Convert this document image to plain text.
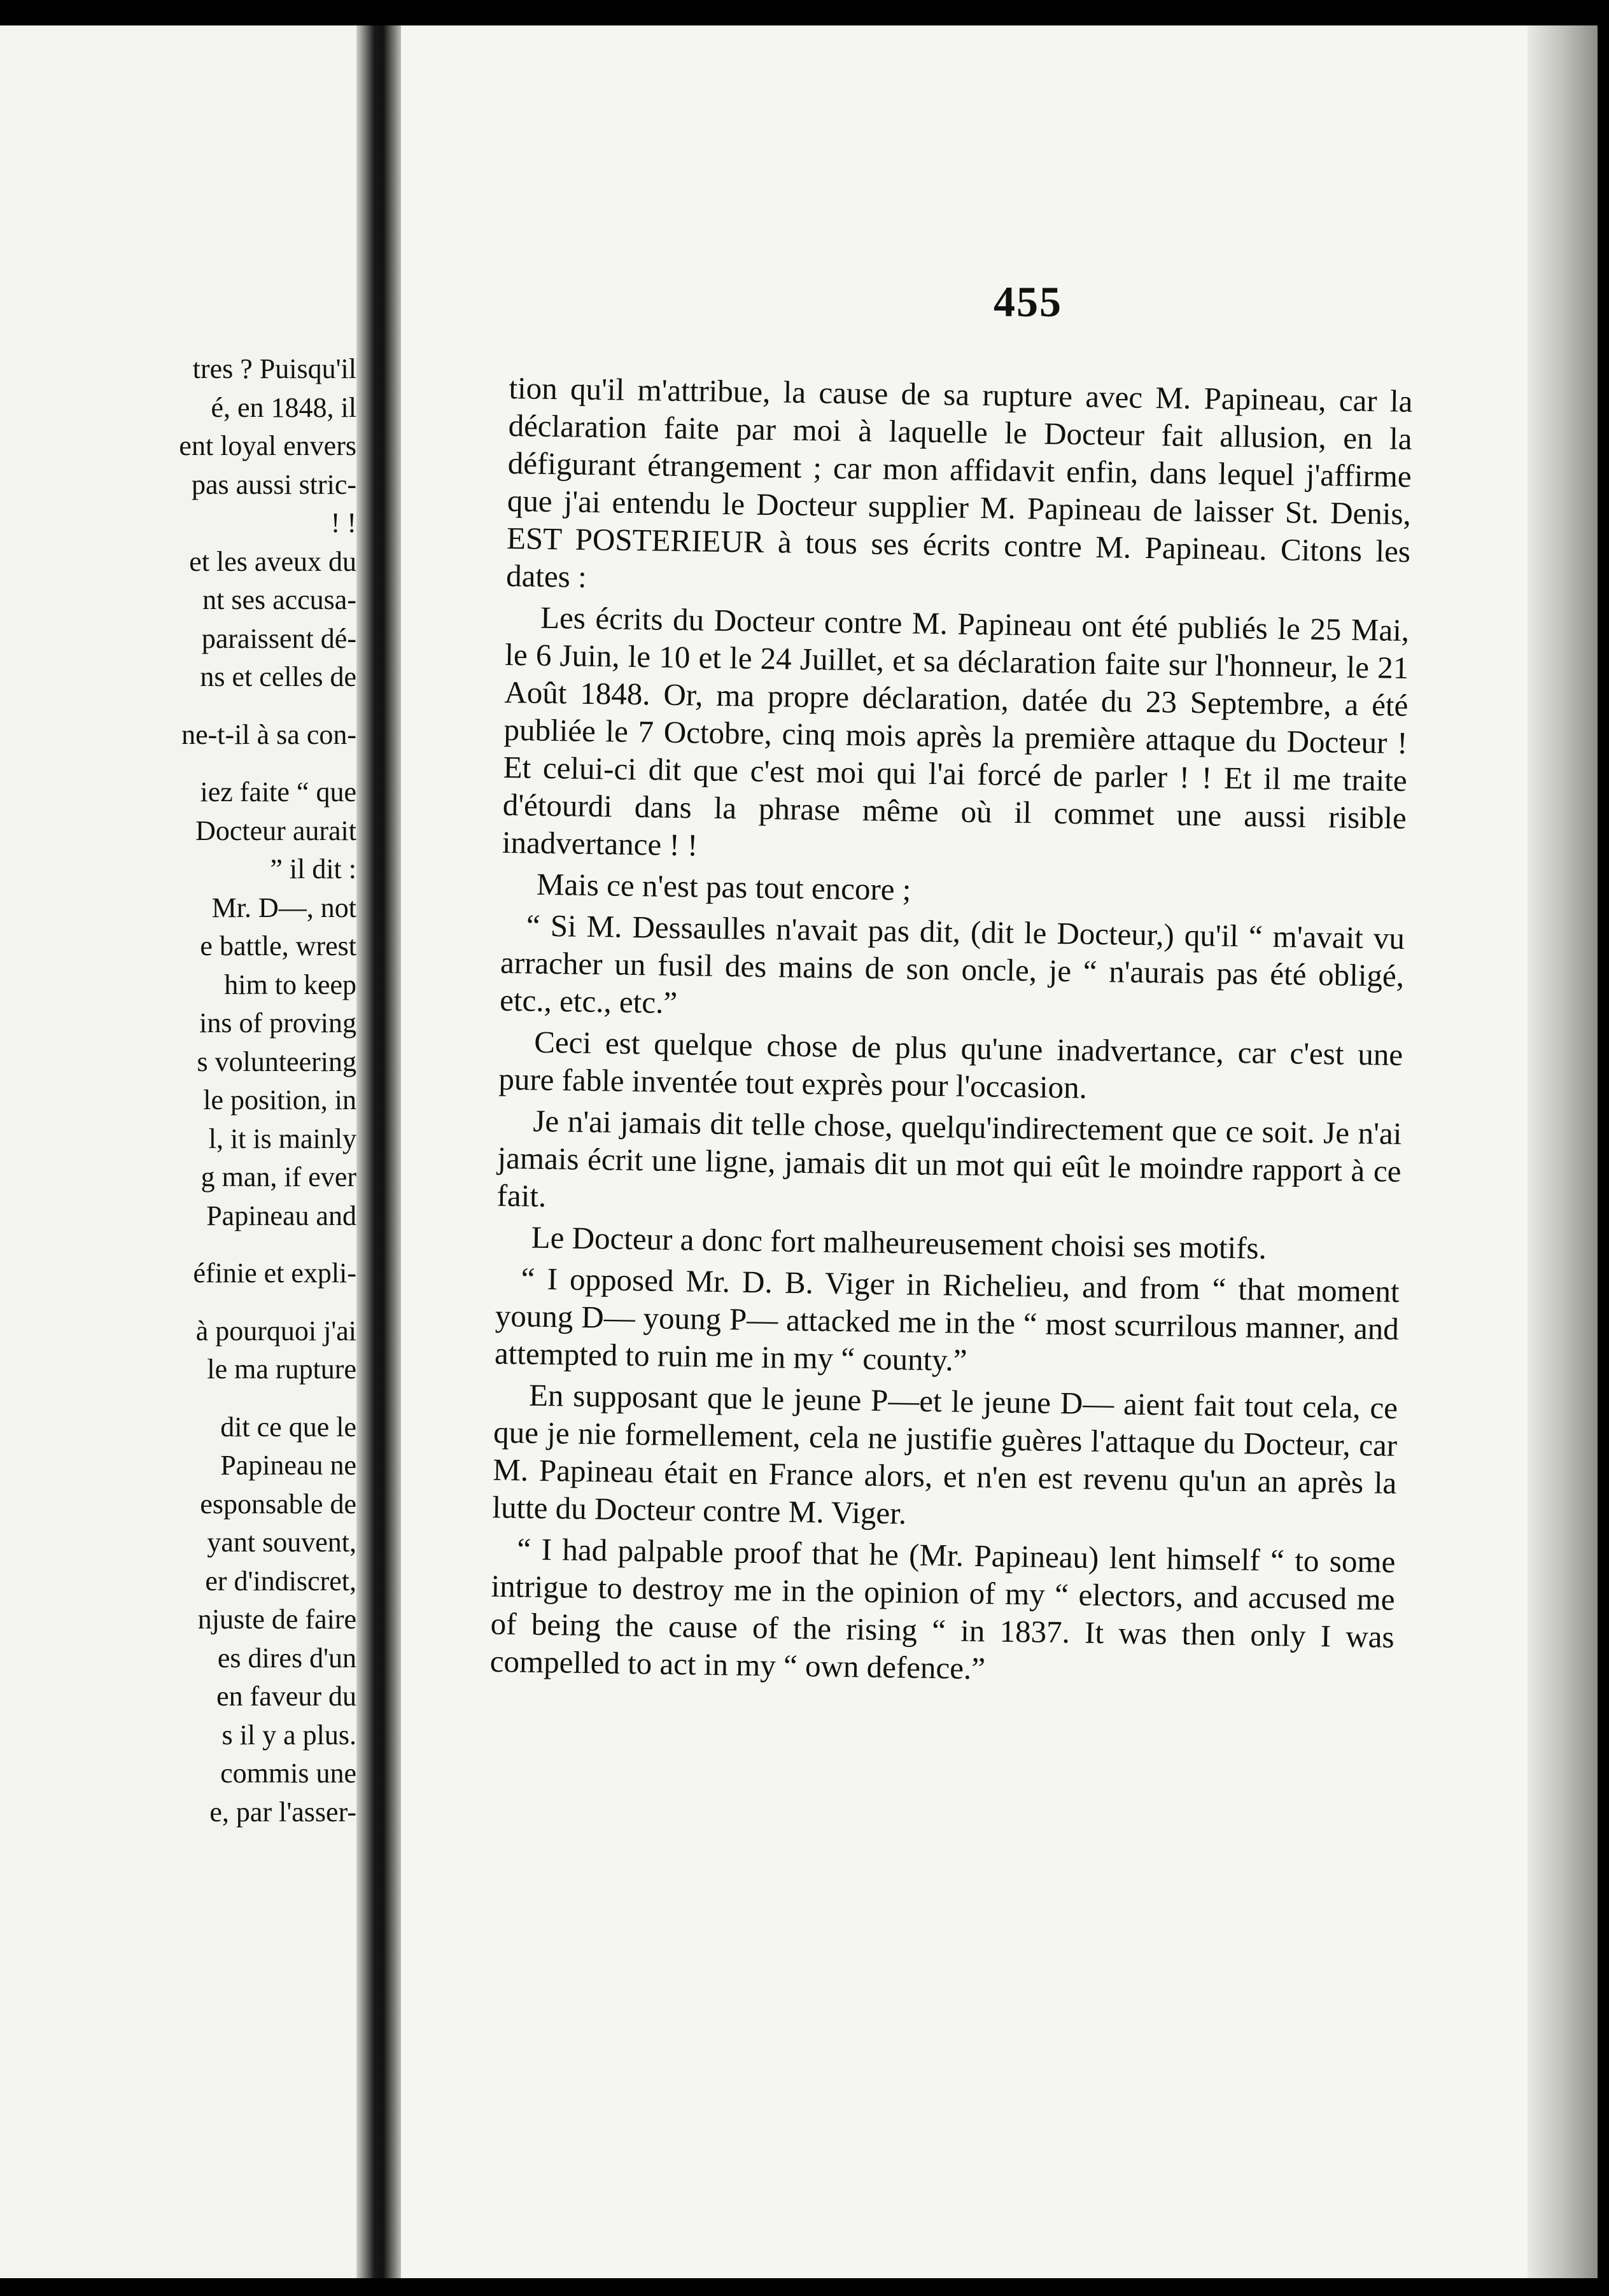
tres ? Puisqu'il
é, en 1848, il
ent loyal envers
pas aussi stric-
! !
et les aveux du
nt ses accusa-
paraissent dé-
ns et celles de
ne-t-il à sa con-
iez faite “ que
Docteur aurait
” il dit :
Mr. D—, not
e battle, wrest
him to keep
ins of proving
s volunteering
le position, in
l, it is mainly
g man, if ever
Papineau and
éfinie et expli-
à pourquoi j'ai
le ma rupture
dit ce que le
Papineau ne
esponsable de
yant souvent,
er d'indiscret,
njuste de faire
es dires d'un
en faveur du
s il y a plus.
commis une
e, par l'asser-
455

tion qu'il m'attribue, la cause de sa rupture avec M. Papineau, car la déclaration faite par moi à laquelle le Docteur fait allusion, en la défigurant étrangement ; car mon affidavit enfin, dans lequel j'affirme que j'ai entendu le Docteur supplier M. Papineau de laisser St. Denis, EST POSTERIEUR à tous ses écrits contre M. Papineau. Citons les dates :

Les écrits du Docteur contre M. Papineau ont été publiés le 25 Mai, le 6 Juin, le 10 et le 24 Juillet, et sa déclaration faite sur l'honneur, le 21 Août 1848. Or, ma propre déclaration, datée du 23 Septembre, a été publiée le 7 Octobre, cinq mois après la première attaque du Docteur ! Et celui-ci dit que c'est moi qui l'ai forcé de parler ! ! Et il me traite d'étourdi dans la phrase même où il commet une aussi risible inadvertance ! !

Mais ce n'est pas tout encore ;

“ Si M. Dessaulles n'avait pas dit, (dit le Docteur,) qu'il “ m'avait vu arracher un fusil des mains de son oncle, je “ n'aurais pas été obligé, etc., etc., etc.”

Ceci est quelque chose de plus qu'une inadvertance, car c'est une pure fable inventée tout exprès pour l'occasion.

Je n'ai jamais dit telle chose, quelqu'indirectement que ce soit. Je n'ai jamais écrit une ligne, jamais dit un mot qui eût le moindre rapport à ce fait.

Le Docteur a donc fort malheureusement choisi ses motifs.

“ I opposed Mr. D. B. Viger in Richelieu, and from “ that moment young D— young P— attacked me in the “ most scurrilous manner, and attempted to ruin me in my “ county.”

En supposant que le jeune P—et le jeune D— aient fait tout cela, ce que je nie formellement, cela ne justifie guères l'attaque du Docteur, car M. Papineau était en France alors, et n'en est revenu qu'un an après la lutte du Docteur contre M. Viger.

“ I had palpable proof that he (Mr. Papineau) lent himself “ to some intrigue to destroy me in the opinion of my “ electors, and accused me of being the cause of the rising “ in 1837. It was then only I was compelled to act in my “ own defence.”
